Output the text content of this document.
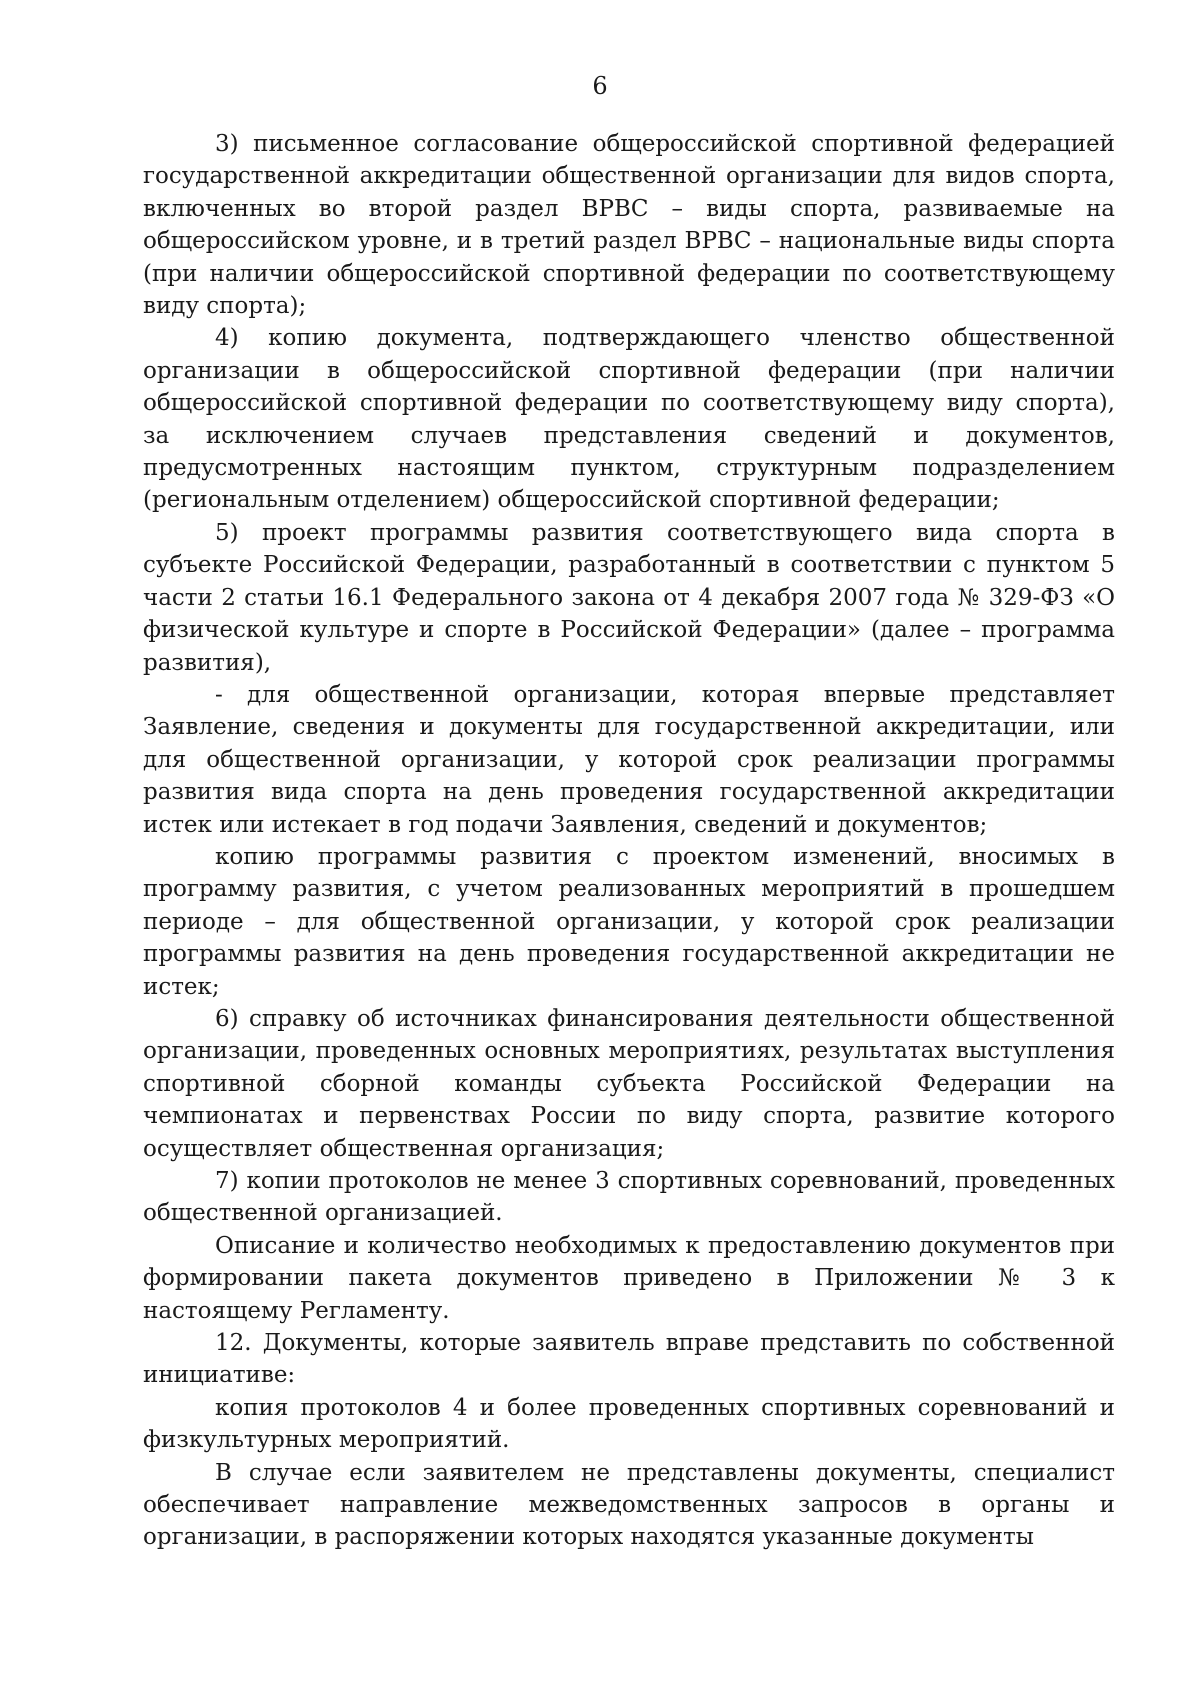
6

3) письменное согласование общероссийской спортивной федерацией государственной аккредитации общественной организации для видов спорта, включенных во второй раздел ВРВС – виды спорта, развиваемые на общероссийском уровне, и в третий раздел ВРВС – национальные виды спорта (при наличии общероссийской спортивной федерации по соответствующему виду спорта);

4) копию документа, подтверждающего членство общественной организации в общероссийской спортивной федерации (при наличии общероссийской спортивной федерации по соответствующему виду спорта), за исключением случаев представления сведений и документов, предусмотренных настоящим пунктом, структурным подразделением (региональным отделением) общероссийской спортивной федерации;

5) проект программы развития соответствующего вида спорта в субъекте Российской Федерации, разработанный в соответствии с пунктом 5 части 2 статьи 16.1 Федерального закона от 4 декабря 2007 года № 329-ФЗ «О физической культуре и спорте в Российской Федерации» (далее – программа развития),

- для общественной организации, которая впервые представляет Заявление, сведения и документы для государственной аккредитации, или для общественной организации, у которой срок реализации программы развития вида спорта на день проведения государственной аккредитации истек или истекает в год подачи Заявления, сведений и документов;

копию программы развития с проектом изменений, вносимых в программу развития, с учетом реализованных мероприятий в прошедшем периоде – для общественной организации, у которой срок реализации программы развития на день проведения государственной аккредитации не истек;

6) справку об источниках финансирования деятельности общественной организации, проведенных основных мероприятиях, результатах выступления спортивной сборной команды субъекта Российской Федерации на чемпионатах и первенствах России по виду спорта, развитие которого осуществляет общественная организация;

7) копии протоколов не менее 3 спортивных соревнований, проведенных общественной организацией.

Описание и количество необходимых к предоставлению документов при формировании пакета документов приведено в Приложении № 3 к настоящему Регламенту.

12. Документы, которые заявитель вправе представить по собственной инициативе:

копия протоколов 4 и более проведенных спортивных соревнований и физкультурных мероприятий.

В случае если заявителем не представлены документы, специалист обеспечивает направление межведомственных запросов в органы и организации, в распоряжении которых находятся указанные документы
